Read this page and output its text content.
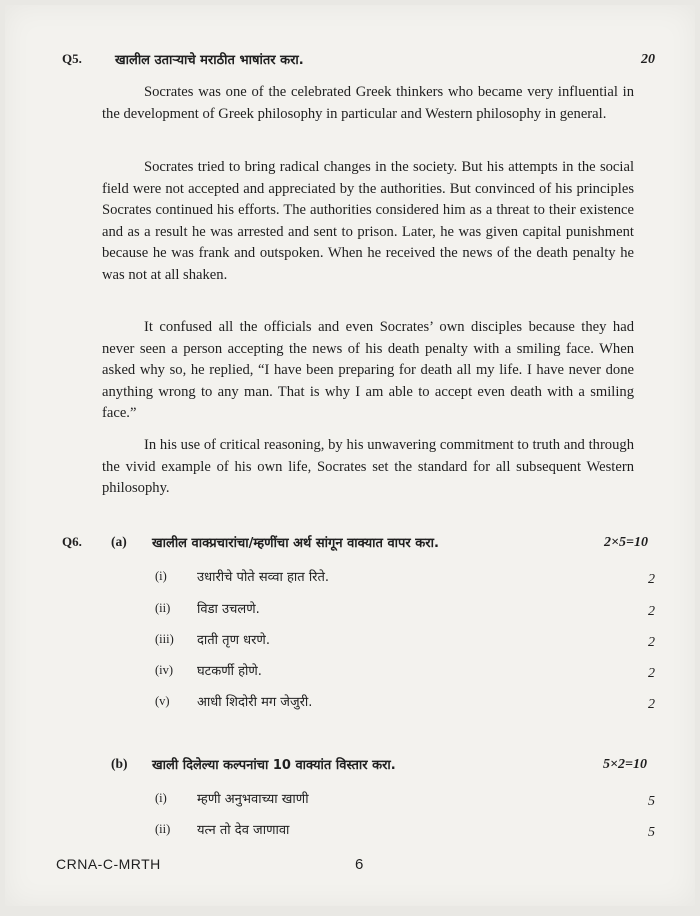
Q5.	खालील उताऱ्याचे मराठीत भाषांतर करा.	20

Socrates was one of the celebrated Greek thinkers who became very influential in the development of Greek philosophy in particular and Western philosophy in general.

Socrates tried to bring radical changes in the society. But his attempts in the social field were not accepted and appreciated by the authorities. But convinced of his principles Socrates continued his efforts. The authorities considered him as a threat to their existence and as a result he was arrested and sent to prison. Later, he was given capital punishment because he was frank and outspoken. When he received the news of the death penalty he was not at all shaken.

It confused all the officials and even Socrates’ own disciples because they had never seen a person accepting the news of his death penalty with a smiling face. When asked why so, he replied, “I have been preparing for death all my life. I have never done anything wrong to any man. That is why I am able to accept even death with a smiling face.”

In his use of critical reasoning, by his unwavering commitment to truth and through the vivid example of his own life, Socrates set the standard for all subsequent Western philosophy.

Q6. (a) खालील वाक्प्रचारांचा/म्हणींचा अर्थ सांगून वाक्यात वापर करा.	2×5=10
(i) उधारीचे पोते सव्वा हात रिते.	2
(ii) विडा उचलणे.	2
(iii) दाती तृण धरणे.	2
(iv) घटकर्णी होणे.	2
(v) आधी शिदोरी मग जेजुरी.	2
(b) खाली दिलेल्या कल्पनांचा 10 वाक्यांत विस्तार करा.	5×2=10
(i) म्हणी अनुभवाच्या खाणी	5
(ii) यत्न तो देव जाणावा	5
CRNA-C-MRTH	6
